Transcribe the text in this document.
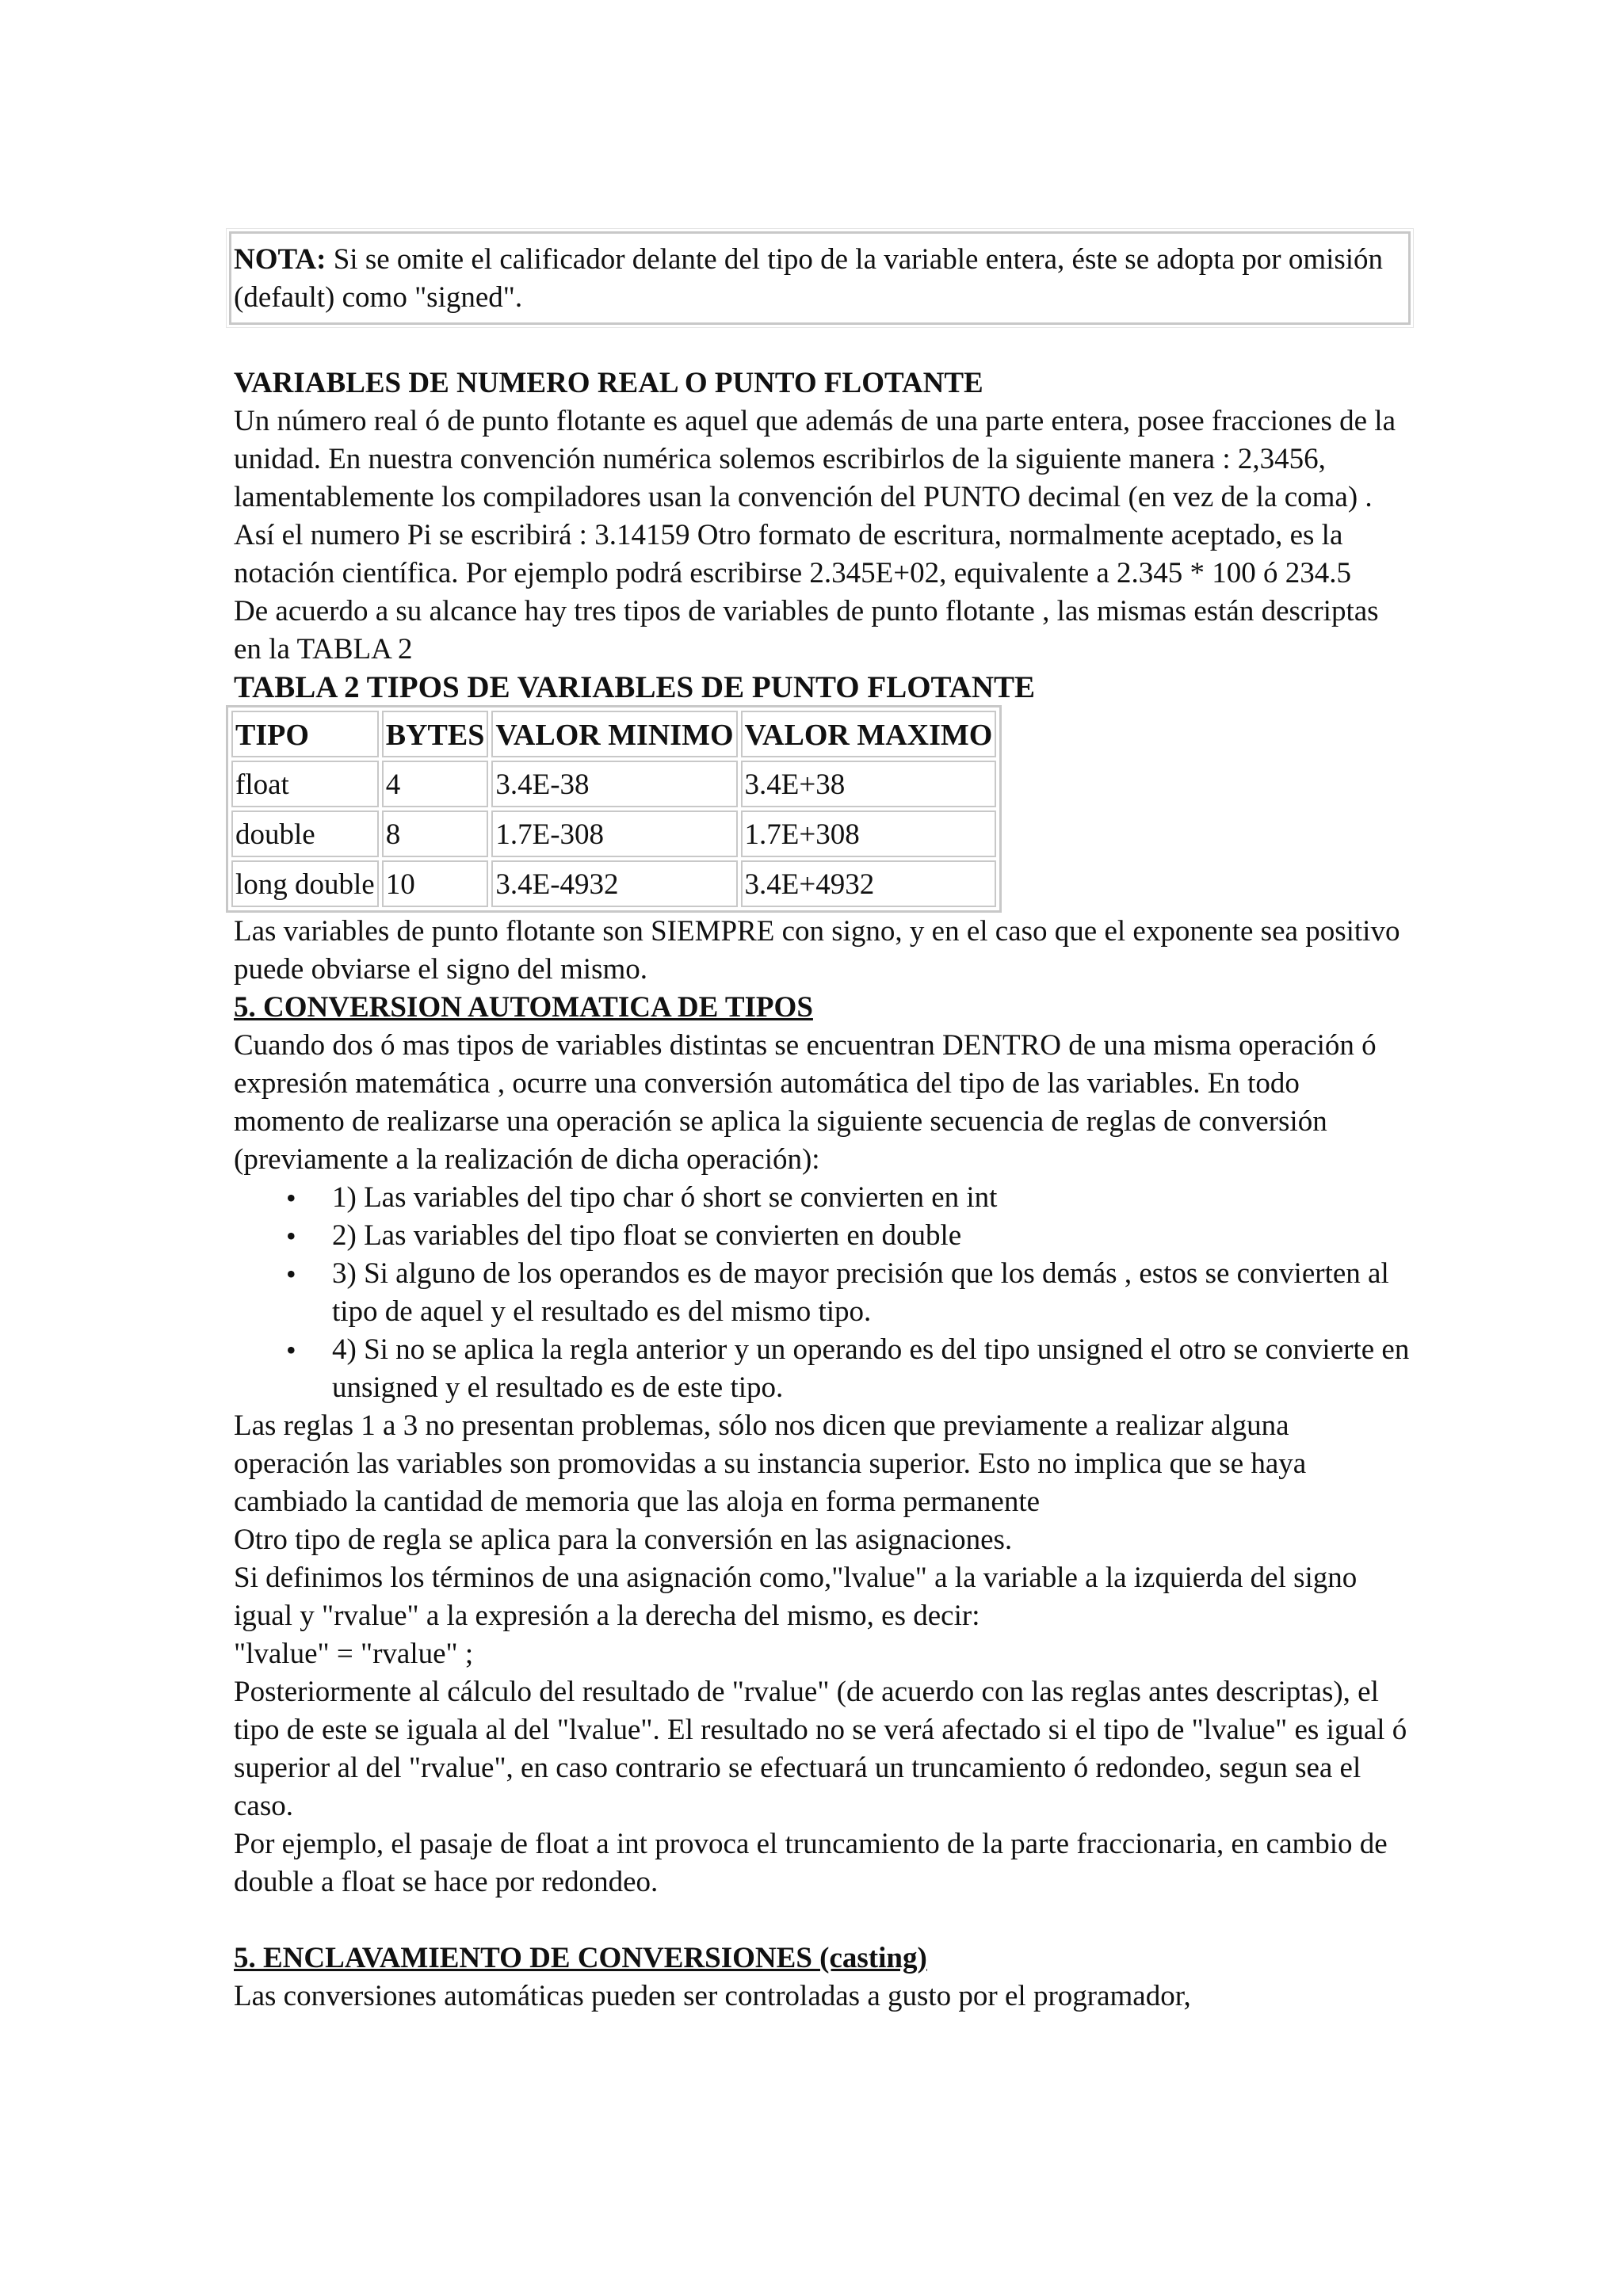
NOTA: Si se omite el calificador delante del tipo de la variable entera, éste se adopta por omisión (default) como "signed".

VARIABLES DE NUMERO REAL O PUNTO FLOTANTE

Un número real ó de punto flotante es aquel que además de una parte entera, posee fracciones de la unidad. En nuestra convención numérica solemos escribirlos de la siguiente manera : 2,3456, lamentablemente los compiladores usan la convención del PUNTO decimal (en vez de la coma) . Así el numero Pi se escribirá : 3.14159 Otro formato de escritura, normalmente aceptado, es la notación científica. Por ejemplo podrá escribirse 2.345E+02, equivalente a 2.345 * 100 ó 234.5

De acuerdo a su alcance hay tres tipos de variables de punto flotante , las mismas están descriptas en la TABLA 2

TABLA 2 TIPOS DE VARIABLES DE PUNTO FLOTANTE

TIPO	BYTES	VALOR MINIMO	VALOR MAXIMO
float	4	3.4E-38	3.4E+38
double	8	1.7E-308	1.7E+308
long double	10	3.4E-4932	3.4E+4932

Las variables de punto flotante son SIEMPRE con signo, y en el caso que el exponente sea positivo puede obviarse el signo del mismo.

5. CONVERSION AUTOMATICA DE TIPOS

Cuando dos ó mas tipos de variables distintas se encuentran DENTRO de una misma operación ó expresión matemática , ocurre una conversión automática del tipo de las variables. En todo momento de realizarse una operación se aplica la siguiente secuencia de reglas de conversión (previamente a la realización de dicha operación):

• 1) Las variables del tipo char ó short se convierten en int
• 2) Las variables del tipo float se convierten en double
• 3) Si alguno de los operandos es de mayor precisión que los demás , estos se convierten al tipo de aquel y el resultado es del mismo tipo.
• 4) Si no se aplica la regla anterior y un operando es del tipo unsigned el otro se convierte en unsigned y el resultado es de este tipo.

Las reglas 1 a 3 no presentan problemas, sólo nos dicen que previamente a realizar alguna operación las variables son promovidas a su instancia superior. Esto no implica que se haya cambiado la cantidad de memoria que las aloja en forma permanente

Otro tipo de regla se aplica para la conversión en las asignaciones.

Si definimos los términos de una asignación como,"lvalue" a la variable a la izquierda del signo igual y "rvalue" a la expresión a la derecha del mismo, es decir:

"lvalue" = "rvalue" ;

Posteriormente al cálculo del resultado de "rvalue" (de acuerdo con las reglas antes descriptas), el tipo de este se iguala al del "lvalue". El resultado no se verá afectado si el tipo de "lvalue" es igual ó superior al del "rvalue", en caso contrario se efectuará un truncamiento ó redondeo, segun sea el caso.

Por ejemplo, el pasaje de float a int provoca el truncamiento de la parte fraccionaria, en cambio de double a float se hace por redondeo.

5. ENCLAVAMIENTO DE CONVERSIONES (casting)

Las conversiones automáticas pueden ser controladas a gusto por el programador,
